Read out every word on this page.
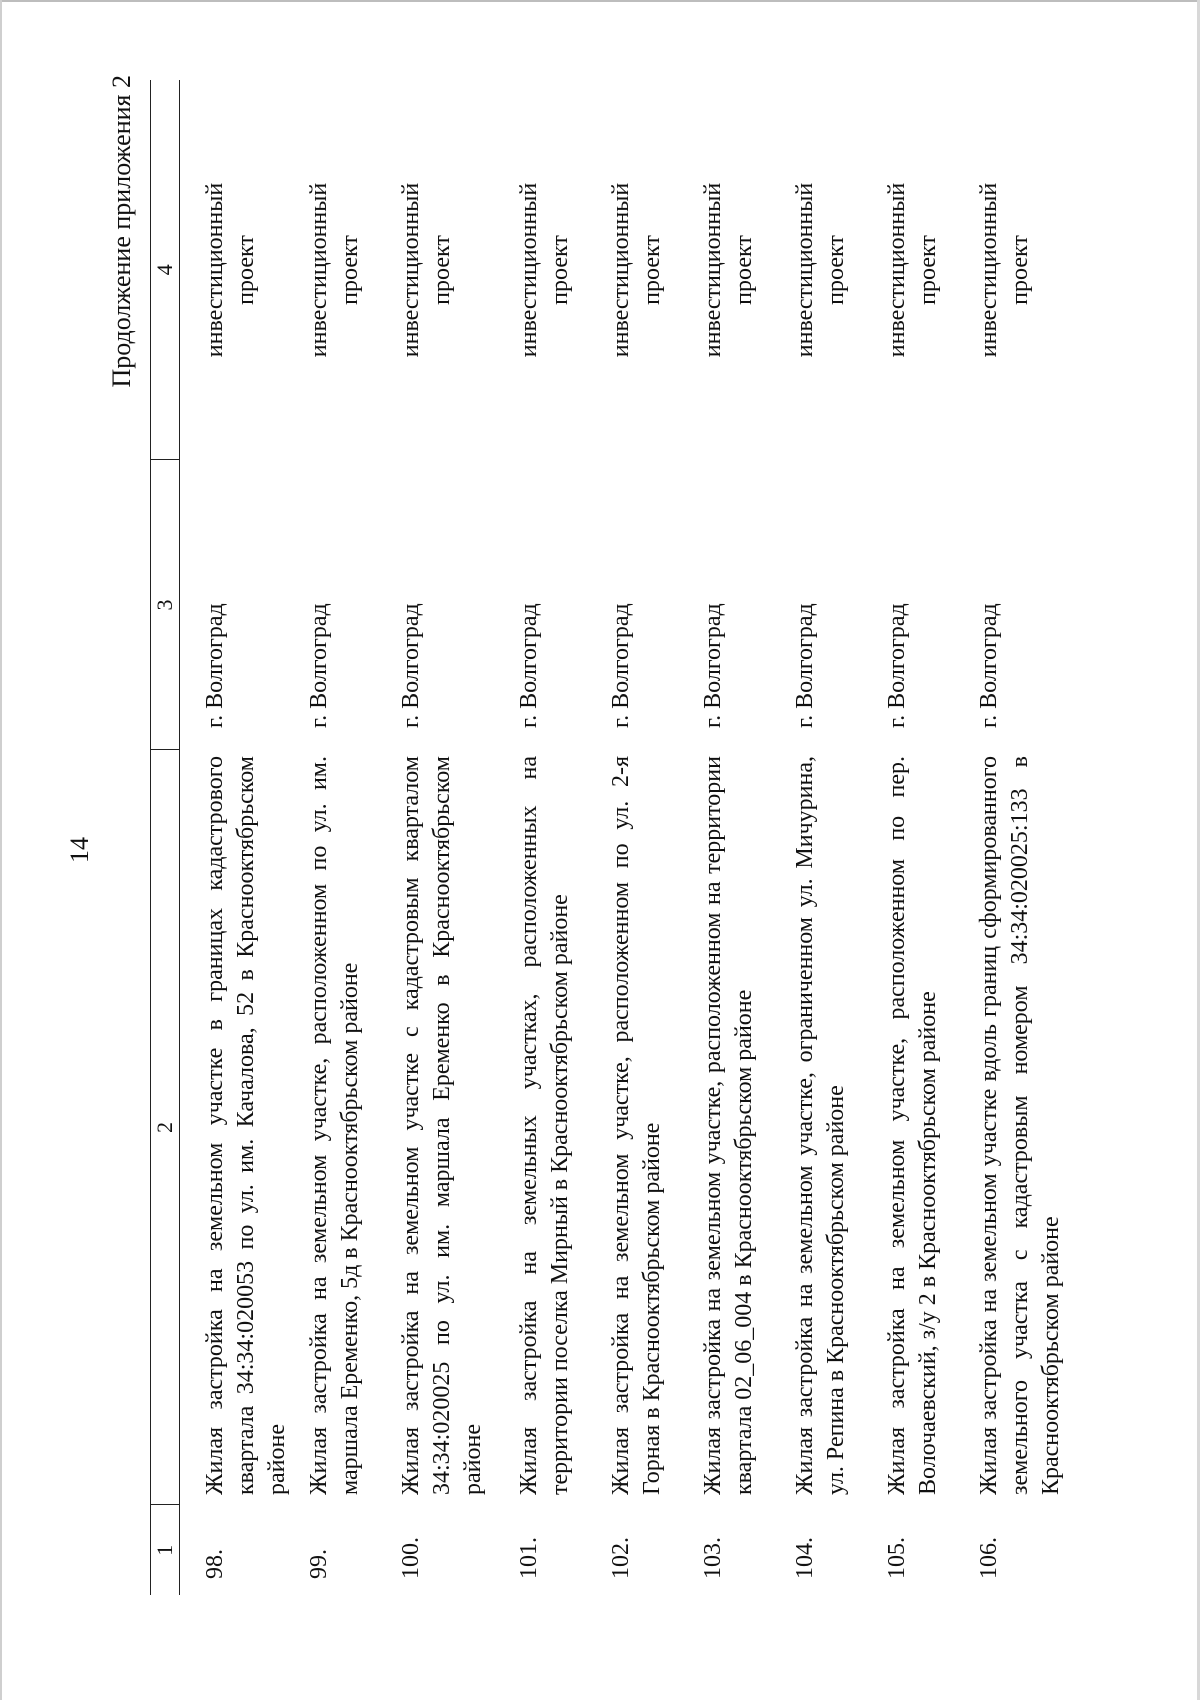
14
Продолжение приложения 2
1	2	3	4
98.	Жилая застройка на земельном участке в границах кадастрового квартала 34:34:020053 по ул. им. Качалова, 52 в Краснооктябрьском районе	г. Волгоград	инвестиционный проект
99.	Жилая застройка на земельном участке, расположенном по ул. им. маршала Еременко, 5д в Краснооктябрьском районе	г. Волгоград	инвестиционный проект
100.	Жилая застройка на земельном участке с кадастровым кварталом 34:34:020025 по ул. им. маршала Еременко в Краснооктябрьском районе	г. Волгоград	инвестиционный проект
101.	Жилая застройка на земельных участках, расположенных на территории поселка Мирный в Краснооктябрьском районе	г. Волгоград	инвестиционный проект
102.	Жилая застройка на земельном участке, расположенном по ул. 2-я Горная в Краснооктябрьском районе	г. Волгоград	инвестиционный проект
103.	Жилая застройка на земельном участке, расположенном на территории квартала 02_06_004 в Краснооктябрьском районе	г. Волгоград	инвестиционный проект
104.	Жилая застройка на земельном участке, ограниченном ул. Мичурина, ул. Репина в Краснооктябрьском районе	г. Волгоград	инвестиционный проект
105.	Жилая застройка на земельном участке, расположенном по пер. Волочаевский, з/у 2 в Краснооктябрьском районе	г. Волгоград	инвестиционный проект
106.	Жилая застройка на земельном участке вдоль границ сформированного земельного участка с кадастровым номером 34:34:020025:133 в Краснооктябрьском районе	г. Волгоград	инвестиционный проект
